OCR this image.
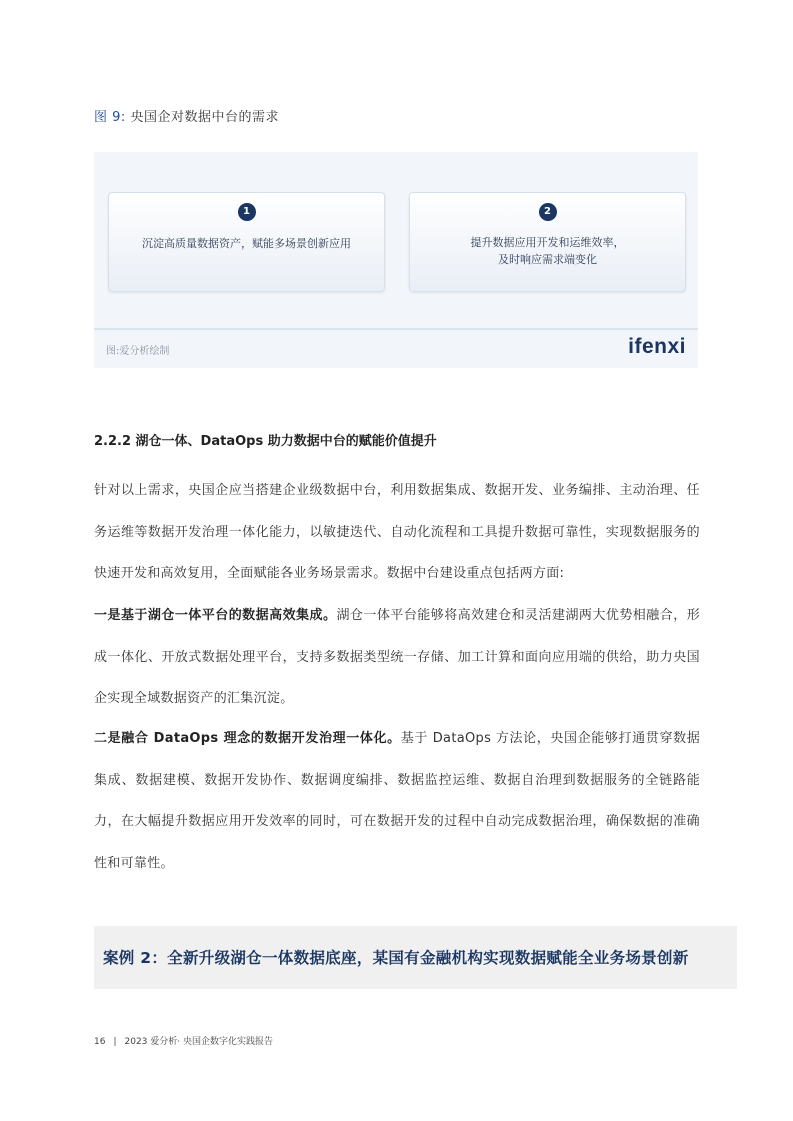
图 9: 央国企对数据中台的需求
1
沉淀高质量数据资产，赋能多场景创新应用
2
提升数据应用开发和运维效率，
及时响应需求端变化
图:爱分析绘制	ifenxi
2.2.2 湖仓一体、DataOps 助力数据中台的赋能价值提升
针对以上需求，央国企应当搭建企业级数据中台，利用数据集成、数据开发、业务编排、主动治理、任务运维等数据开发治理一体化能力，以敏捷迭代、自动化流程和工具提升数据可靠性，实现数据服务的快速开发和高效复用，全面赋能各业务场景需求。数据中台建设重点包括两方面:
一是基于湖仓一体平台的数据高效集成。湖仓一体平台能够将高效建仓和灵活建湖两大优势相融合，形成一体化、开放式数据处理平台，支持多数据类型统一存储、加工计算和面向应用端的供给，助力央国企实现全域数据资产的汇集沉淀。
二是融合 DataOps 理念的数据开发治理一体化。基于 DataOps 方法论，央国企能够打通贯穿数据集成、数据建模、数据开发协作、数据调度编排、数据监控运维、数据自治理到数据服务的全链路能力，在大幅提升数据应用开发效率的同时，可在数据开发的过程中自动完成数据治理，确保数据的准确性和可靠性。
案例 2：全新升级湖仓一体数据底座，某国有金融机构实现数据赋能全业务场景创新
16 | 2023 爱分析· 央国企数字化实践报告
